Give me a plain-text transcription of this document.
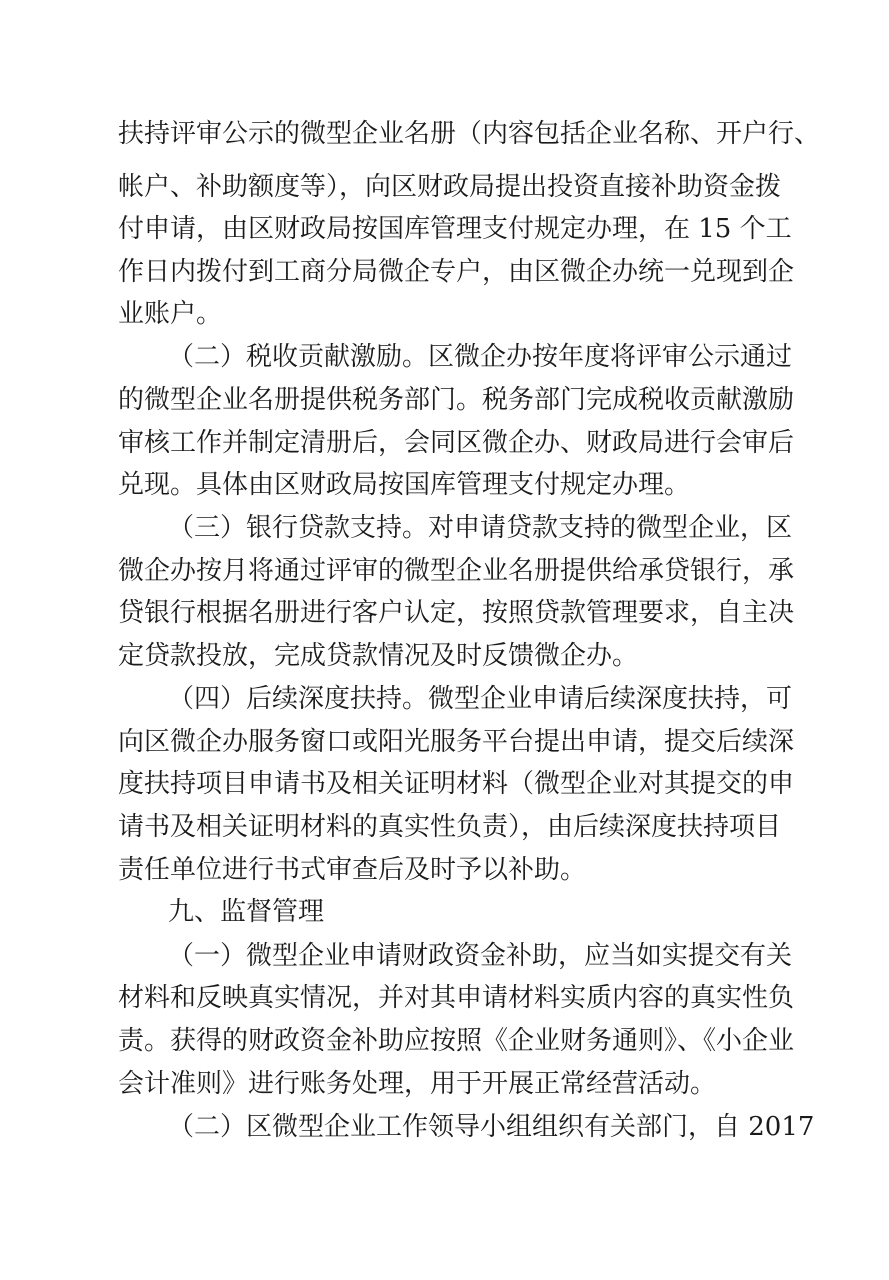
扶持评审公示的微型企业名册（内容包括企业名称、开户行、
帐户、补助额度等），向区财政局提出投资直接补助资金拨
付申请，由区财政局按国库管理支付规定办理，在 15 个工
作日内拨付到工商分局微企专户，由区微企办统一兑现到企
业账户。
（二）税收贡献激励。区微企办按年度将评审公示通过
的微型企业名册提供税务部门。税务部门完成税收贡献激励
审核工作并制定清册后，会同区微企办、财政局进行会审后
兑现。具体由区财政局按国库管理支付规定办理。
（三）银行贷款支持。对申请贷款支持的微型企业，区
微企办按月将通过评审的微型企业名册提供给承贷银行，承
贷银行根据名册进行客户认定，按照贷款管理要求，自主决
定贷款投放，完成贷款情况及时反馈微企办。
（四）后续深度扶持。微型企业申请后续深度扶持，可
向区微企办服务窗口或阳光服务平台提出申请，提交后续深
度扶持项目申请书及相关证明材料（微型企业对其提交的申
请书及相关证明材料的真实性负责），由后续深度扶持项目
责任单位进行书式审查后及时予以补助。
九、监督管理
（一）微型企业申请财政资金补助，应当如实提交有关
材料和反映真实情况，并对其申请材料实质内容的真实性负
责。获得的财政资金补助应按照《企业财务通则》、《小企业
会计准则》进行账务处理，用于开展正常经营活动。
（二）区微型企业工作领导小组组织有关部门，自 2017
